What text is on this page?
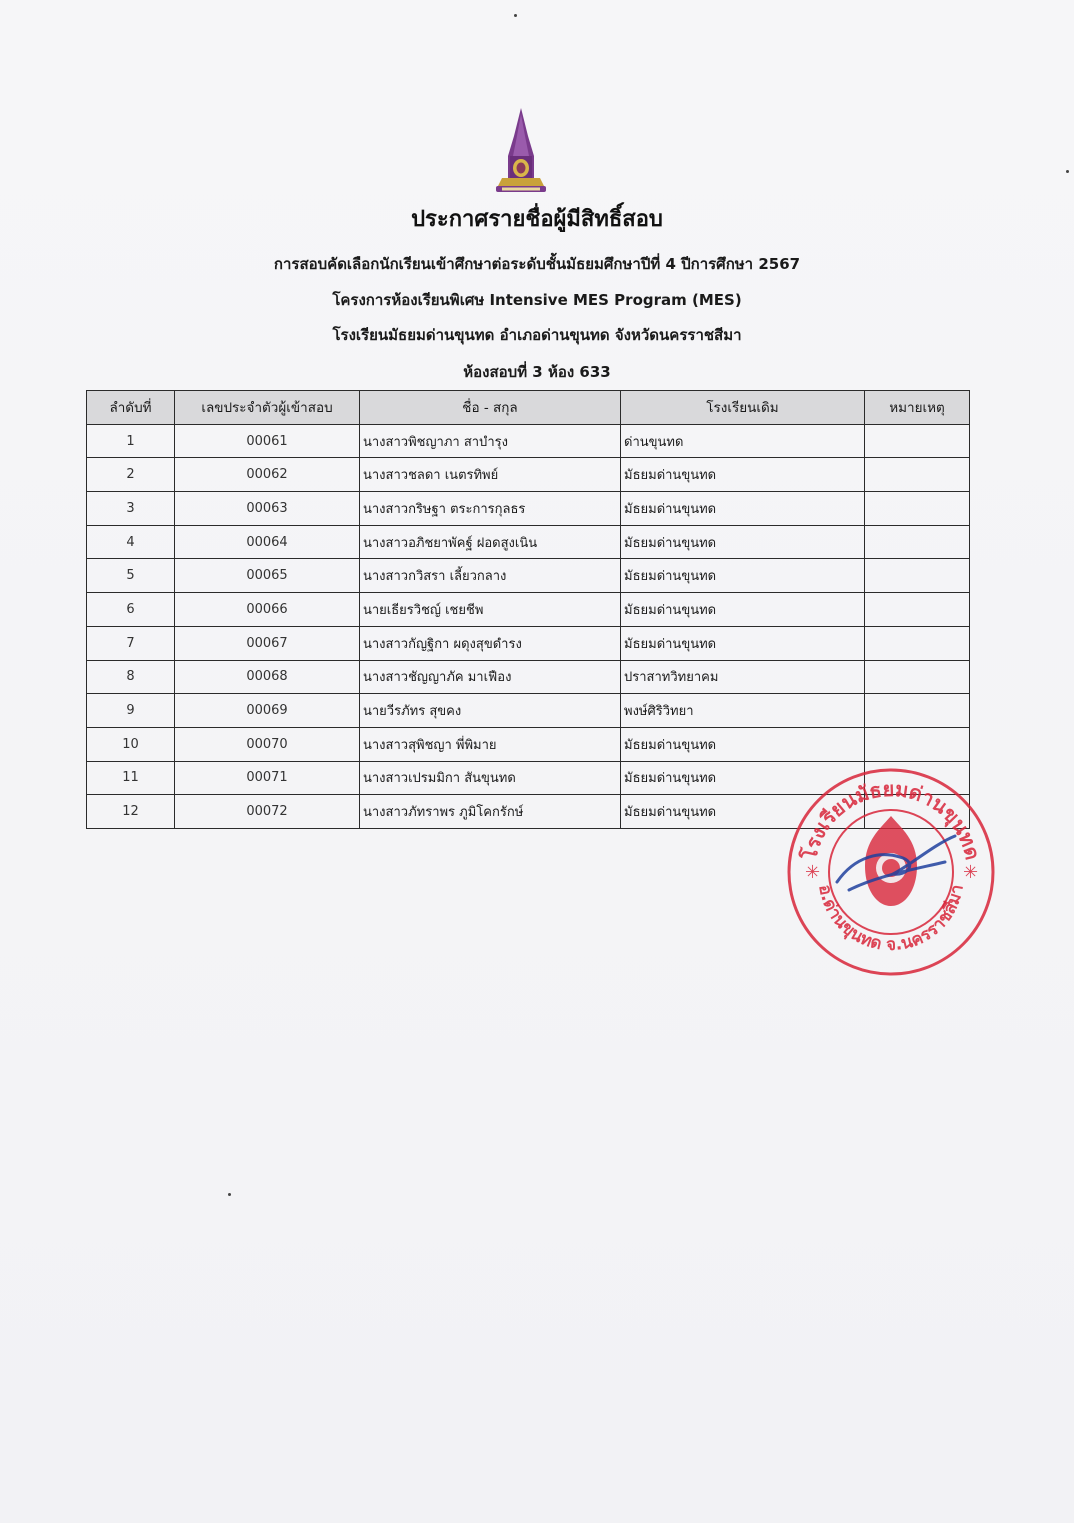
ประกาศรายชื่อผู้มีสิทธิ์สอบ
การสอบคัดเลือกนักเรียนเข้าศึกษาต่อระดับชั้นมัธยมศึกษาปีที่ 4 ปีการศึกษา 2567
โครงการห้องเรียนพิเศษ Intensive MES Program (MES)
โรงเรียนมัธยมด่านขุนทด อำเภอด่านขุนทด จังหวัดนครราชสีมา
ห้องสอบที่ 3 ห้อง 633
ลำดับที่	เลขประจำตัวผู้เข้าสอบ	ชื่อ - สกุล	โรงเรียนเดิม	หมายเหตุ
1	00061	นางสาวพิชญาภา สาบำรุง	ด่านขุนทด	
2	00062	นางสาวชลดา เนตรทิพย์	มัธยมด่านขุนทด	
3	00063	นางสาวกริษฐา ตระการกุลธร	มัธยมด่านขุนทด	
4	00064	นางสาวอภิชยาพัคฐ์ ฝอดสูงเนิน	มัธยมด่านขุนทด	
5	00065	นางสาวกวิสรา เลี้ยวกลาง	มัธยมด่านขุนทด	
6	00066	นายเธียรวิชญ์ เชยชีพ	มัธยมด่านขุนทด	
7	00067	นางสาวกัญฐิกา ผดุงสุขดำรง	มัธยมด่านขุนทด	
8	00068	นางสาวชัญญาภัค มาเฟือง	ปราสาทวิทยาคม	
9	00069	นายวีรภัทร สุขคง	พงษ์ศิริวิทยา	
10	00070	นางสาวสุพิชญา พี่พิมาย	มัธยมด่านขุนทด	
11	00071	นางสาวเปรมมิกา สันขุนทด	มัธยมด่านขุนทด	
12	00072	นางสาวภัทราพร ภูมิโคกรักษ์	มัธยมด่านขุนทด	
โรงเรียนมัธยมด่านขุนทด
อ.ด่านขุนทด จ.นครราชสีมา
✳	✳
